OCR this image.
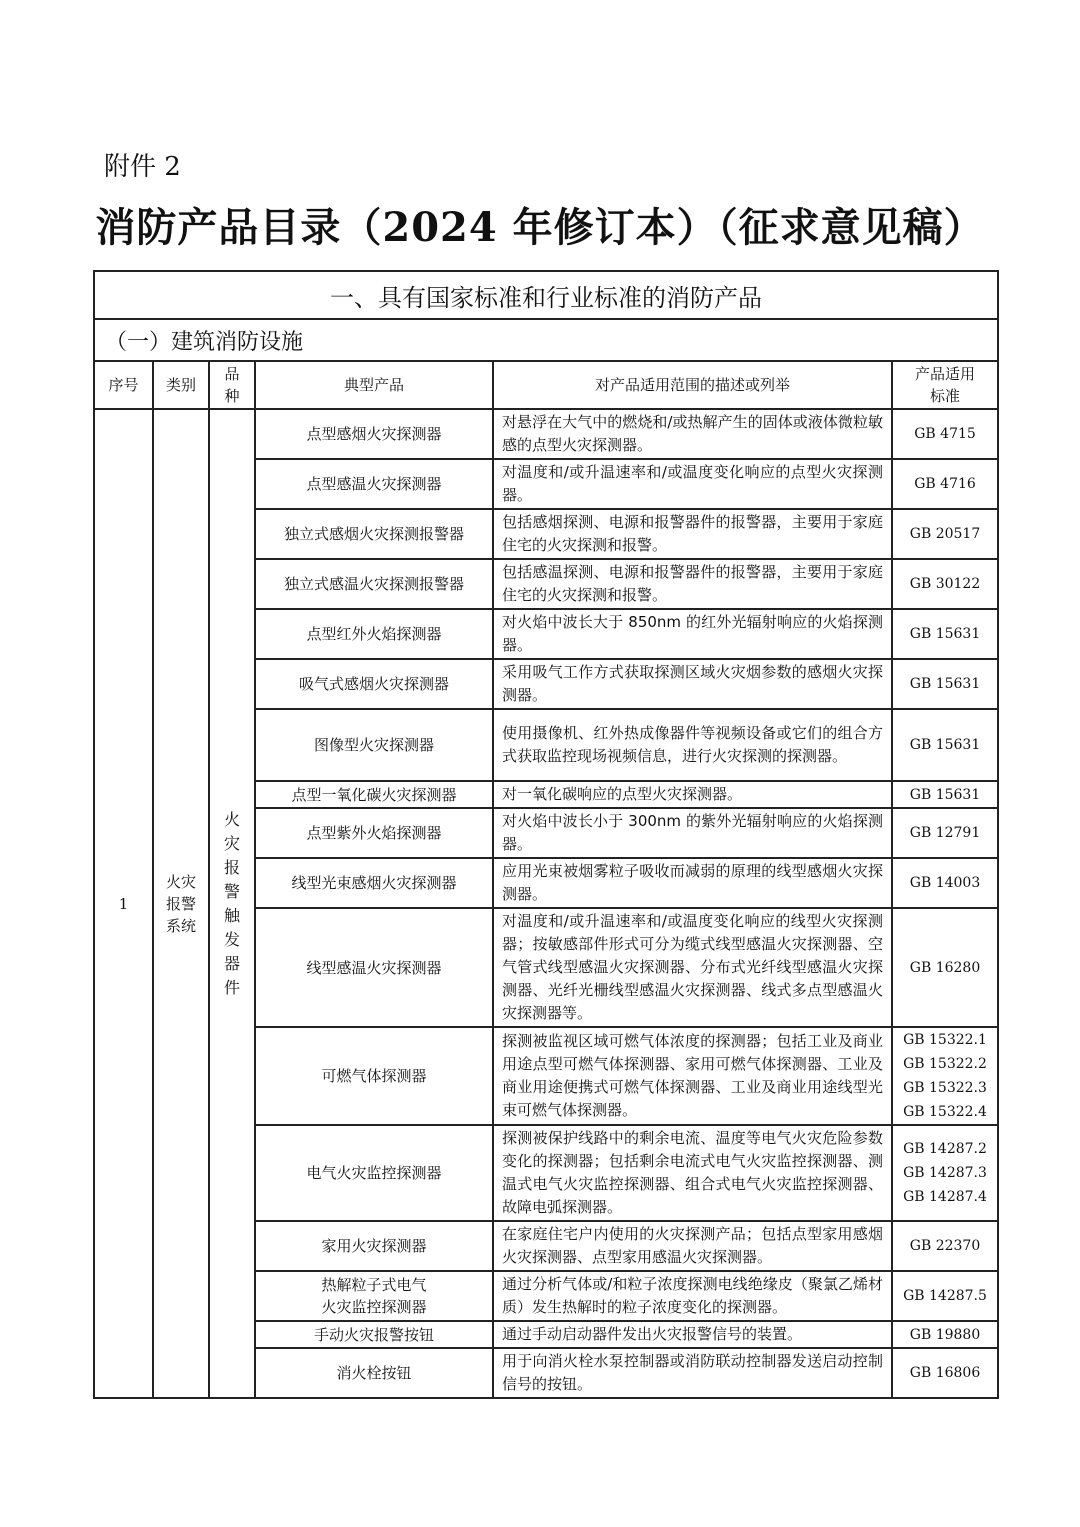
附件 2
消防产品目录（2024 年修订本）（征求意见稿）
一、具有国家标准和行业标准的消防产品					
（一）建筑消防设施					
序号	类别	品种	典型产品	对产品适用范围的描述或列举	产品适用标准

1	火灾报警系统	火灾报警触发器件	点型感烟火灾探测器	对悬浮在大气中的燃烧和/或热解产生的固体或液体微粒敏感的点型火灾探测器。	GB 4715

			点型感温火灾探测器	对温度和/或升温速率和/或温度变化响应的点型火灾探测器。	GB 4716

			独立式感烟火灾探测报警器	包括感烟探测、电源和报警器件的报警器，主要用于家庭住宅的火灾探测和报警。	GB 20517

			独立式感温火灾探测报警器	包括感温探测、电源和报警器件的报警器，主要用于家庭住宅的火灾探测和报警。	GB 30122

			点型红外火焰探测器	对火焰中波长大于 850nm 的红外光辐射响应的火焰探测器。	GB 15631

			吸气式感烟火灾探测器	采用吸气工作方式获取探测区域火灾烟参数的感烟火灾探测器。	GB 15631

			图像型火灾探测器	使用摄像机、红外热成像器件等视频设备或它们的组合方式获取监控现场视频信息，进行火灾探测的探测器。	GB 15631

			点型一氧化碳火灾探测器	对一氧化碳响应的点型火灾探测器。	GB 15631

			点型紫外火焰探测器	对火焰中波长小于 300nm 的紫外光辐射响应的火焰探测器。	GB 12791

			线型光束感烟火灾探测器	应用光束被烟雾粒子吸收而减弱的原理的线型感烟火灾探测器。	GB 14003

			线型感温火灾探测器	对温度和/或升温速率和/或温度变化响应的线型火灾探测器；按敏感部件形式可分为缆式线型感温火灾探测器、空气管式线型感温火灾探测器、分布式光纤线型感温火灾探测器、光纤光栅线型感温火灾探测器、线式多点型感温火灾探测器等。	GB 16280

			可燃气体探测器	探测被监视区域可燃气体浓度的探测器；包括工业及商业用途点型可燃气体探测器、家用可燃气体探测器、工业及商业用途便携式可燃气体探测器、工业及商业用途线型光束可燃气体探测器。	GB 15322.1
GB 15322.2
GB 15322.3
GB 15322.4

			电气火灾监控探测器	探测被保护线路中的剩余电流、温度等电气火灾危险参数变化的探测器；包括剩余电流式电气火灾监控探测器、测温式电气火灾监控探测器、组合式电气火灾监控探测器、故障电弧探测器。	GB 14287.2
GB 14287.3
GB 14287.4

			家用火灾探测器	在家庭住宅户内使用的火灾探测产品；包括点型家用感烟火灾探测器、点型家用感温火灾探测器。	GB 22370

			热解粒子式电气
火灾监控探测器	通过分析气体或/和粒子浓度探测电线绝缘皮（聚氯乙烯材质）发生热解时的粒子浓度变化的探测器。	GB 14287.5

			手动火灾报警按钮	通过手动启动器件发出火灾报警信号的装置。	GB 19880

			消火栓按钮	用于向消火栓水泵控制器或消防联动控制器发送启动控制信号的按钮。	GB 16806
